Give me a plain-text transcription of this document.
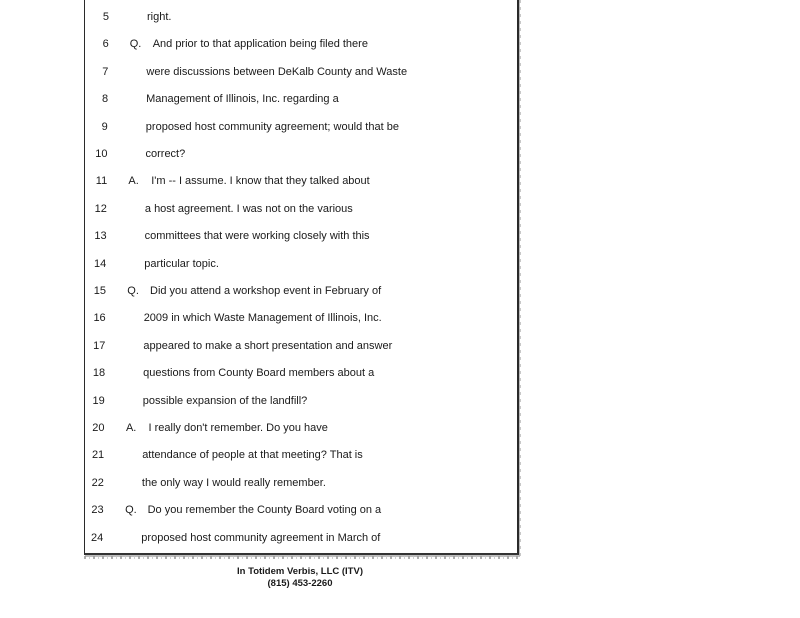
5	right.
6 Q. And prior to that application being filed there
7	were discussions between DeKalb County and Waste
8	Management of Illinois, Inc. regarding a
9	proposed host community agreement; would that be
10	correct?
11 A. I'm -- I assume. I know that they talked about
12	a host agreement. I was not on the various
13	committees that were working closely with this
14	particular topic.
15 Q. Did you attend a workshop event in February of
16	2009 in which Waste Management of Illinois, Inc.
17	appeared to make a short presentation and answer
18	questions from County Board members about a
19	possible expansion of the landfill?
20 A. I really don't remember. Do you have
21	attendance of people at that meeting? That is
22	the only way I would really remember.
23 Q. Do you remember the County Board voting on a
24	proposed host community agreement in March of
In Totidem Verbis, LLC (ITV)
(815) 453-2260
